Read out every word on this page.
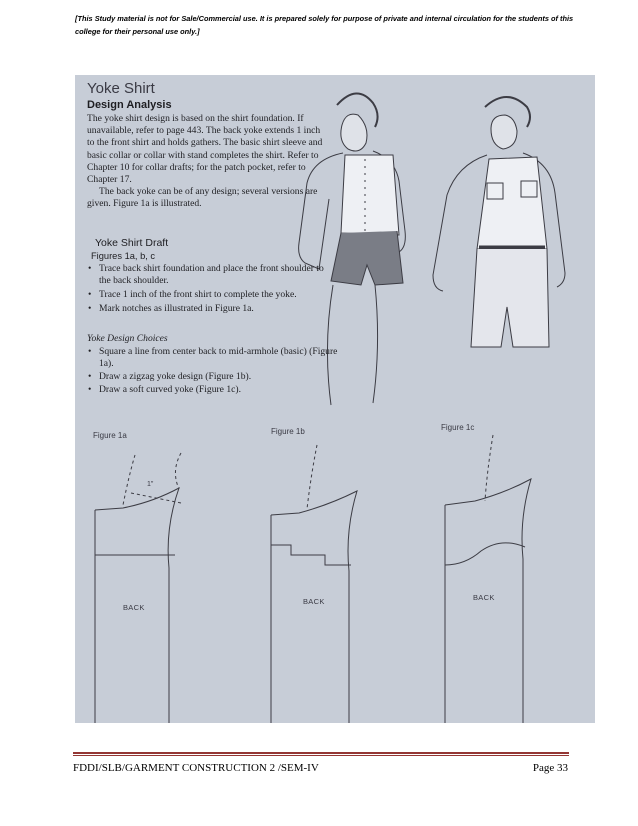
[This Study material is not for Sale/Commercial use. It is prepared solely for purpose of private and internal circulation for the students of this college for their personal use only.]
Yoke Shirt
Design Analysis

The yoke shirt design is based on the shirt foundation. If unavailable, refer to page 443. The back yoke extends 1 inch to the front shirt and holds gathers. The basic shirt sleeve and basic collar or collar with stand completes the shirt. Refer to Chapter 10 for collar drafts; for the patch pocket, refer to Chapter 17.

The back yoke can be of any design; several versions are given. Figure 1a is illustrated.

Yoke Shirt Draft
Figures 1a, b, c
• Trace back shirt foundation and place the front shoulder to the back shoulder.
• Trace 1 inch of the front shirt to complete the yoke.
• Mark notches as illustrated in Figure 1a.
Yoke Design Choices
• Square a line from center back to mid-armhole (basic) (Figure 1a).
• Draw a zigzag yoke design (Figure 1b).
• Draw a soft curved yoke (Figure 1c).
Figure 1a	Figure 1b	Figure 1c
1"
BACK
BACK	BACK
FDDI/SLB/GARMENT CONSTRUCTION 2 /SEM-IV	Page 33
